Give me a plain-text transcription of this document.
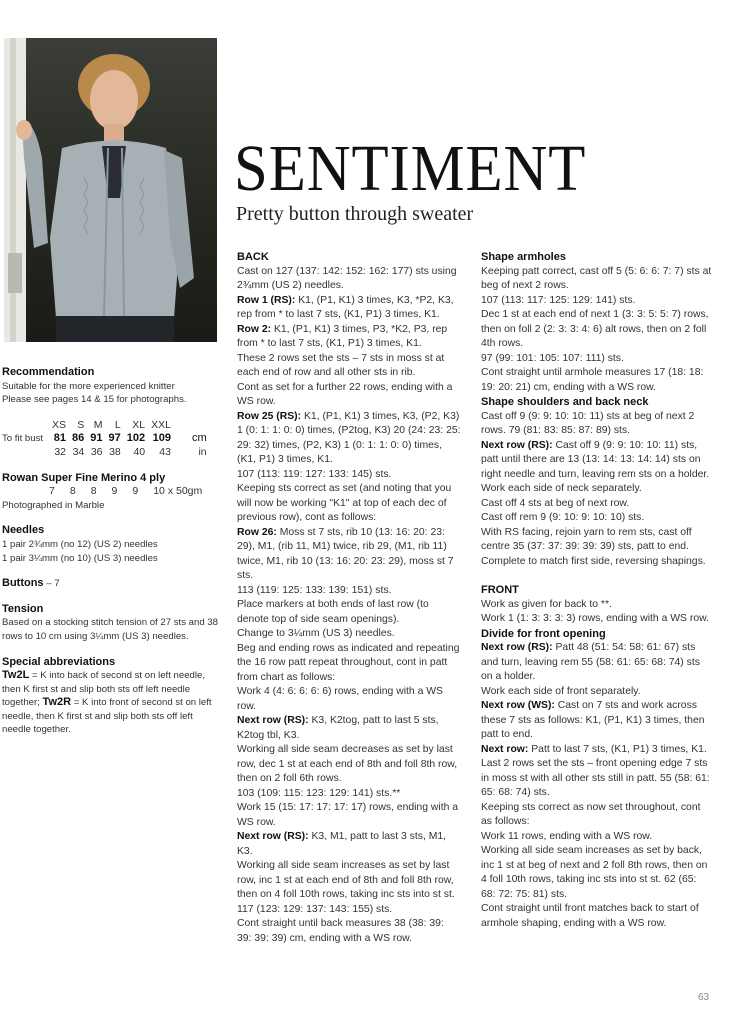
SENTIMENT
Pretty button through sweater

Recommendation

Suitable for the more experienced knitter

Please see pages 14 & 15 for photographs.

	XS	S	M	L	XL	XXL	
To fit bust	81	86	91	97	102	109	cm
	32	34	36	38	40	43	in

Rowan Super Fine Merino 4 ply

7	8	8	9	9	10 x 50gm

Photographed in Marble

Needles

1 pair 2¾mm (no 12) (US 2) needles

1 pair 3¼mm (no 10) (US 3) needles

Buttons – 7

Tension

Based on a stocking stitch tension of 27 sts and 38 rows to 10 cm using 3¼mm (US 3) needles.

Special abbreviations

Tw2L = K into back of second st on left needle, then K first st and slip both sts off left needle together; Tw2R = K into front of second st on left needle, then K first st and slip both sts off left needle together.

BACK

Cast on 127 (137: 142: 152: 162: 177) sts using 2¾mm (US 2) needles.

Row 1 (RS): K1, (P1, K1) 3 times, K3, *P2, K3, rep from * to last 7 sts, (K1, P1) 3 times, K1.

Row 2: K1, (P1, K1) 3 times, P3, *K2, P3, rep from * to last 7 sts, (K1, P1) 3 times, K1.

These 2 rows set the sts – 7 sts in moss st at each end of row and all other sts in rib.

Cont as set for a further 22 rows, ending with a WS row.

Row 25 (RS): K1, (P1, K1) 3 times, K3, (P2, K3) 1 (0: 1: 1: 0: 0) times, (P2tog, K3) 20 (24: 23: 25: 29: 32) times, (P2, K3) 1 (0: 1: 1: 0: 0) times, (K1, P1) 3 times, K1.

107 (113: 119: 127: 133: 145) sts.

Keeping sts correct as set (and noting that you will now be working "K1" at top of each dec of previous row), cont as follows:

Row 26: Moss st 7 sts, rib 10 (13: 16: 20: 23: 29), M1, (rib 11, M1) twice, rib 29, (M1, rib 11) twice, M1, rib 10 (13: 16: 20: 23: 29), moss st 7 sts.

113 (119: 125: 133: 139: 151) sts.

Place markers at both ends of last row (to denote top of side seam openings).

Change to 3¼mm (US 3) needles.

Beg and ending rows as indicated and repeating the 16 row patt repeat throughout, cont in patt from chart as follows:

Work 4 (4: 6: 6: 6: 6) rows, ending with a WS row.

Next row (RS): K3, K2tog, patt to last 5 sts, K2tog tbl, K3.

Working all side seam decreases as set by last row, dec 1 st at each end of 8th and foll 8th row, then on 2 foll 6th rows.

103 (109: 115: 123: 129: 141) sts.**

Work 15 (15: 17: 17: 17: 17) rows, ending with a WS row.

Next row (RS): K3, M1, patt to last 3 sts, M1, K3.

Working all side seam increases as set by last row, inc 1 st at each end of 8th and foll 8th row, then on 4 foll 10th rows, taking inc sts into st st.

117 (123: 129: 137: 143: 155) sts.

Cont straight until back measures 38 (38: 39: 39: 39: 39) cm, ending with a WS row.

Shape armholes

Keeping patt correct, cast off 5 (5: 6: 6: 7: 7) sts at beg of next 2 rows.

107 (113: 117: 125: 129: 141) sts.

Dec 1 st at each end of next 1 (3: 3: 5: 5: 7) rows, then on foll 2 (2: 3: 3: 4: 6) alt rows, then on 2 foll 4th rows.

97 (99: 101: 105: 107: 111) sts.

Cont straight until armhole measures 17 (18: 18: 19: 20: 21) cm, ending with a WS row.

Shape shoulders and back neck

Cast off 9 (9: 9: 10: 10: 11) sts at beg of next 2 rows. 79 (81: 83: 85: 87: 89) sts.

Next row (RS): Cast off 9 (9: 9: 10: 10: 11) sts, patt until there are 13 (13: 14: 13: 14: 14) sts on right needle and turn, leaving rem sts on a holder.

Work each side of neck separately.

Cast off 4 sts at beg of next row.

Cast off rem 9 (9: 10: 9: 10: 10) sts.

With RS facing, rejoin yarn to rem sts, cast off centre 35 (37: 37: 39: 39: 39) sts, patt to end.

Complete to match first side, reversing shapings.

FRONT

Work as given for back to **.

Work 1 (1: 3: 3: 3: 3) rows, ending with a WS row.

Divide for front opening

Next row (RS): Patt 48 (51: 54: 58: 61: 67) sts and turn, leaving rem 55 (58: 61: 65: 68: 74) sts on a holder.

Work each side of front separately.

Next row (WS): Cast on 7 sts and work across these 7 sts as follows: K1, (P1, K1) 3 times, then patt to end.

Next row: Patt to last 7 sts, (K1, P1) 3 times, K1.

Last 2 rows set the sts – front opening edge 7 sts in moss st with all other sts still in patt. 55 (58: 61: 65: 68: 74) sts.

Keeping sts correct as now set throughout, cont as follows:

Work 11 rows, ending with a WS row.

Working all side seam increases as set by back, inc 1 st at beg of next and 2 foll 8th rows, then on 4 foll 10th rows, taking inc sts into st st. 62 (65: 68: 72: 75: 81) sts.

Cont straight until front matches back to start of armhole shaping, ending with a WS row.

63
